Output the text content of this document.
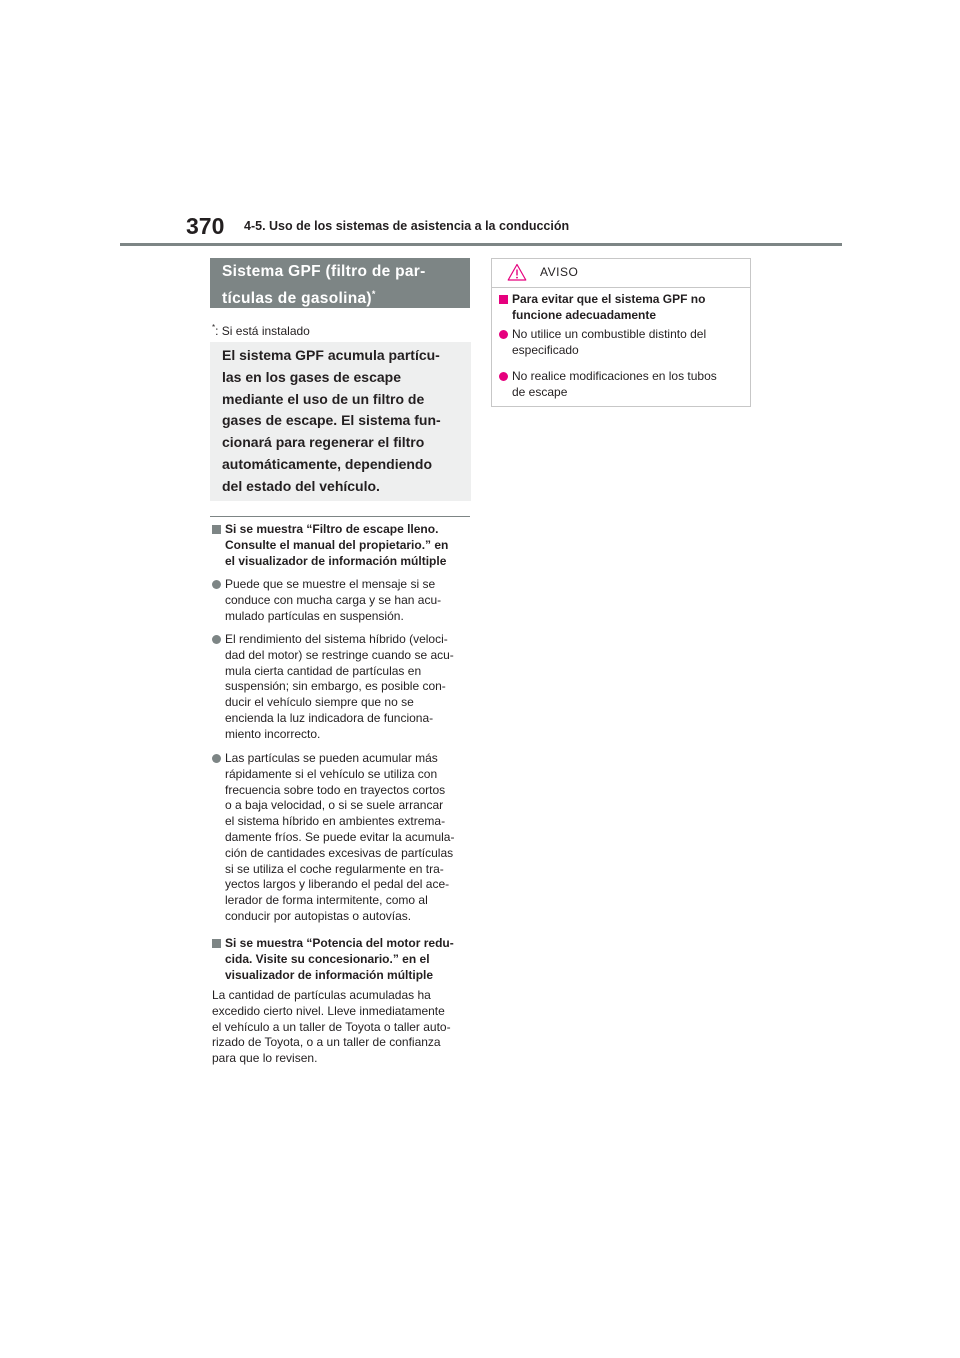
370 4-5. Uso de los sistemas de asistencia a la conducción
Sistema GPF (filtro de par-
tículas de gasolina)*
*: Si está instalado
El sistema GPF acumula partícu-
las en los gases de escape
mediante el uso de un filtro de
gases de escape. El sistema fun-
cionará para regenerar el filtro
automáticamente, dependiendo
del estado del vehículo.
Si se muestra “Filtro de escape lleno.
Consulte el manual del propietario.” en
el visualizador de información múltiple
Puede que se muestre el mensaje si se
conduce con mucha carga y se han acu-
mulado partículas en suspensión.
El rendimiento del sistema híbrido (veloci-
dad del motor) se restringe cuando se acu-
mula cierta cantidad de partículas en
suspensión; sin embargo, es posible con-
ducir el vehículo siempre que no se
encienda la luz indicadora de funciona-
miento incorrecto.
Las partículas se pueden acumular más
rápidamente si el vehículo se utiliza con
frecuencia sobre todo en trayectos cortos
o a baja velocidad, o si se suele arrancar
el sistema híbrido en ambientes extrema-
damente fríos. Se puede evitar la acumula-
ción de cantidades excesivas de partículas
si se utiliza el coche regularmente en tra-
yectos largos y liberando el pedal del ace-
lerador de forma intermitente, como al
conducir por autopistas o autovías.
Si se muestra “Potencia del motor redu-
cida. Visite su concesionario.” en el
visualizador de información múltiple
La cantidad de partículas acumuladas ha
excedido cierto nivel. Lleve inmediatamente
el vehículo a un taller de Toyota o taller auto-
rizado de Toyota, o a un taller de confianza
para que lo revisen.
AVISO
Para evitar que el sistema GPF no
funcione adecuadamente
No utilice un combustible distinto del
especificado
No realice modificaciones en los tubos
de escape
